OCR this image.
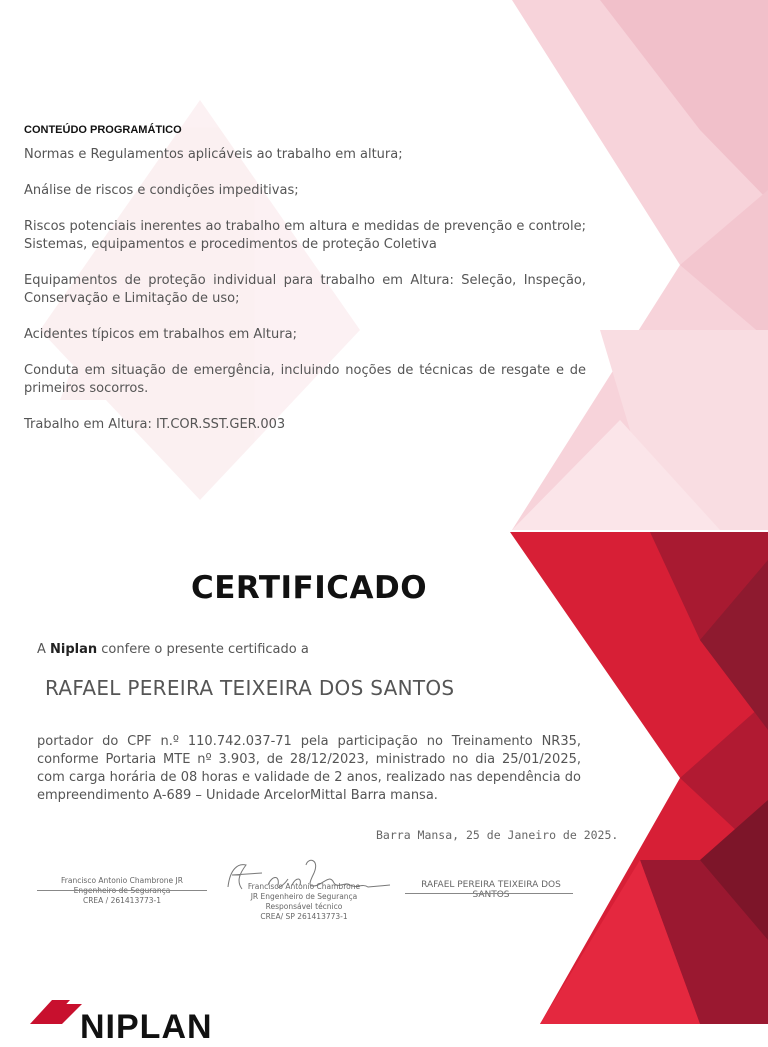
CONTEÚDO PROGRAMÁTICO
Normas e Regulamentos aplicáveis ao trabalho em altura;
Análise de riscos e condições impeditivas;
Riscos potenciais inerentes ao trabalho em altura e medidas de prevenção e controle; Sistemas, equipamentos e procedimentos de proteção Coletiva
Equipamentos de proteção individual para trabalho em Altura: Seleção, Inspeção, Conservação e Limitação de uso;
Acidentes típicos em trabalhos em Altura;
Conduta em situação de emergência, incluindo noções de técnicas de resgate e de primeiros socorros.
Trabalho em Altura: IT.COR.SST.GER.003
CERTIFICADO
A Niplan confere o presente certificado a
RAFAEL PEREIRA TEIXEIRA DOS SANTOS
portador do CPF n.º 110.742.037-71 pela participação no Treinamento NR35, conforme Portaria MTE nº 3.903, de 28/12/2023, ministrado no dia 25/01/2025, com carga horária de 08 horas e validade de 2 anos, realizado nas dependência do empreendimento A-689 – Unidade ArcelorMittal Barra mansa.
Barra Mansa, 25 de Janeiro de 2025.
Francisco Antonio Chambrone JR
Engenheiro de Segurança
CREA / 261413773-1
Francisco Antonio Chambrone
JR Engenheiro de Segurança
Responsável técnico
CREA/ SP 261413773-1
RAFAEL PEREIRA TEIXEIRA DOS SANTOS
NIPLAN
